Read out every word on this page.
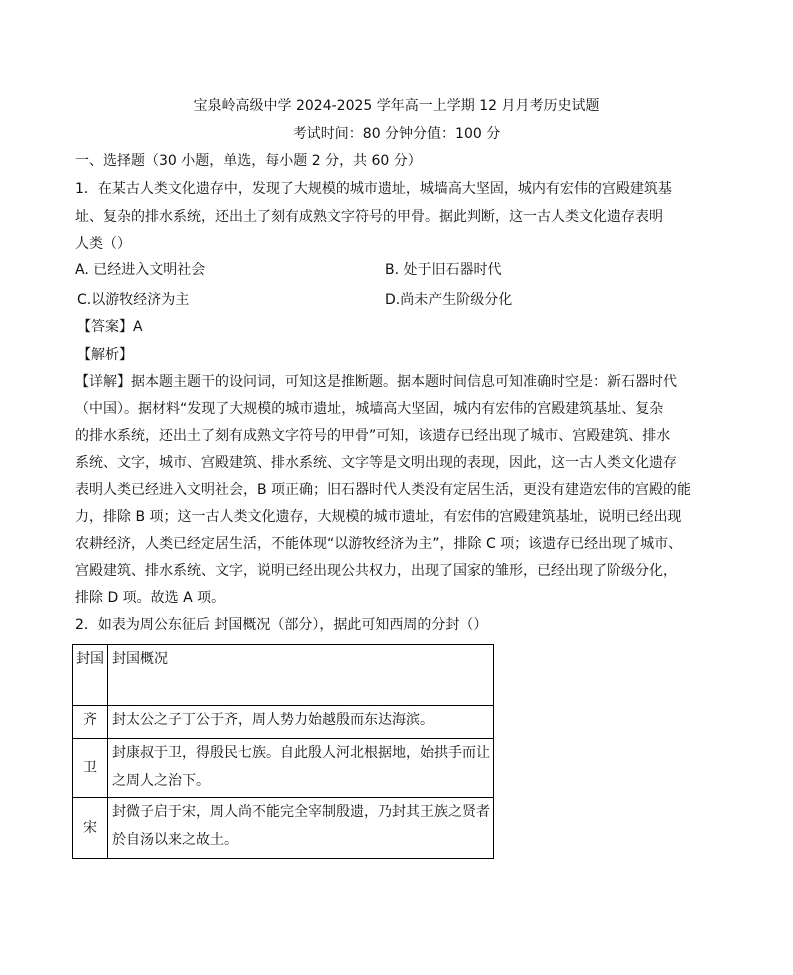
宝泉岭高级中学 2024-2025 学年高一上学期 12 月月考历史试题
考试时间：80 分钟分值：100 分
一、选择题（30 小题，单选，每小题 2 分，共 60 分）
1．在某古人类文化遗存中，发现了大规模的城市遗址，城墙高大坚固，城内有宏伟的宫殿建筑基
址、复杂的排水系统，还出土了刻有成熟文字符号的甲骨。据此判断，这一古人类文化遗存表明
人类（）
A. 已经进入文明社会	B. 处于旧石器时代
C.以游牧经济为主	D.尚未产生阶级分化
【答案】A
【解析】
【详解】据本题主题干的设问词，可知这是推断题。据本题时间信息可知准确时空是：新石器时代
（中国）。据材料“发现了大规模的城市遗址，城墙高大坚固，城内有宏伟的宫殿建筑基址、复杂
的排水系统，还出土了刻有成熟文字符号的甲骨”可知，该遗存已经出现了城市、宫殿建筑、排水
系统、文字，城市、宫殿建筑、排水系统、文字等是文明出现的表现，因此，这一古人类文化遗存
表明人类已经进入文明社会，B 项正确；旧石器时代人类没有定居生活，更没有建造宏伟的宫殿的能
力，排除 B 项；这一古人类文化遗存，大规模的城市遗址，有宏伟的宫殿建筑基址，说明已经出现
农耕经济，人类已经定居生活，不能体现“以游牧经济为主”，排除 C 项；该遗存已经出现了城市、
宫殿建筑、排水系统、文字，说明已经出现公共权力，出现了国家的雏形，已经出现了阶级分化，
排除 D 项。故选 A 项。
2．如表为周公东征后 封国概况（部分），据此可知西周的分封（）
封国	封国概况

齐	封太公之子丁公于齐，周人势力始越殷而东达海滨。

卫	封康叔于卫，得殷民七族。自此殷人河北根据地，始拱手而让
之周人之治下。

宋	封微子启于宋，周人尚不能完全宰制殷遗，乃封其王族之贤者
於自汤以来之故土。
